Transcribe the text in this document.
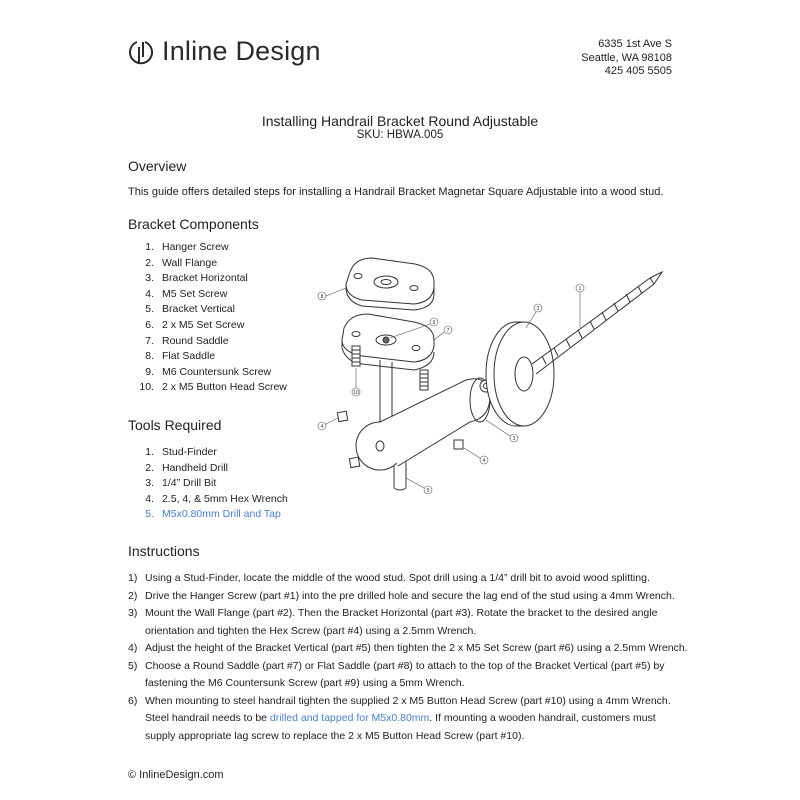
Inline Design	6335 1st Ave S
Seattle, WA 98108
425 405 5505
Installing Handrail Bracket Round Adjustable
SKU: HBWA.005
Overview
This guide offers detailed steps for installing a Handrail Bracket Magnetar Square Adjustable into a wood stud.
Bracket Components
1. Hanger Screw
2. Wall Flange
3. Bracket Horizontal
4. M5 Set Screw
5. Bracket Vertical
6. 2 x M5 Set Screw
7. Round Saddle
8. Flat Saddle
9. M6 Countersunk Screw
10. 2 x M5 Button Head Screw
Tools Required
1. Stud-Finder
2. Handheld Drill
3. 1/4” Drill Bit
4. 2.5, 4, & 5mm Hex Wrench
5. M5x0.80mm Drill and Tap
8
9
7
10
4
2
1
3
4
5
Instructions
1) Using a Stud-Finder, locate the middle of the wood stud. Spot drill using a 1/4” drill bit to avoid wood splitting.
2) Drive the Hanger Screw (part #1) into the pre drilled hole and secure the lag end of the stud using a 4mm Wrench.
3) Mount the Wall Flange (part #2). Then the Bracket Horizontal (part #3). Rotate the bracket to the desired angle orientation and tighten the Hex Screw (part #4) using a 2.5mm Wrench.
4) Adjust the height of the Bracket Vertical (part #5) then tighten the 2 x M5 Set Screw (part #6) using a 2.5mm Wrench.
5) Choose a Round Saddle (part #7) or Flat Saddle (part #8) to attach to the top of the Bracket Vertical (part #5) by fastening the M6 Countersunk Screw (part #9) using a 5mm Wrench.
6) When mounting to steel handrail tighten the supplied 2 x M5 Button Head Screw (part #10) using a 4mm Wrench. Steel handrail needs to be drilled and tapped for M5x0.80mm. If mounting a wooden handrail, customers must supply appropriate lag screw to replace the 2 x M5 Button Head Screw (part #10).
© InlineDesign.com
